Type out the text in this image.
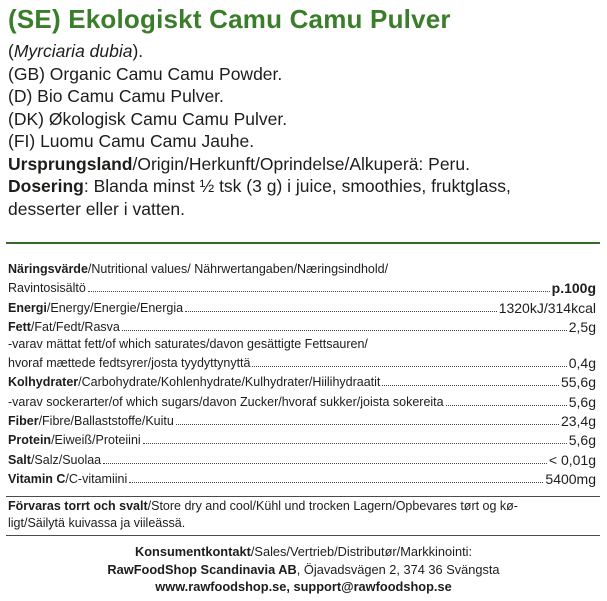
(SE) Ekologiskt Camu Camu Pulver
(Myrciaria dubia).
(GB) Organic Camu Camu Powder.
(D) Bio Camu Camu Pulver.
(DK) Økologisk Camu Camu Pulver.
(FI) Luomu Camu Camu Jauhe.
Ursprungsland/Origin/Herkunft/Oprindelse/Alkuperä: Peru.
Dosering: Blanda minst ½ tsk (3 g) i juice, smoothies, fruktglass,
desserter eller i vatten.
Näringsvärde/Nutritional values/ Nährwertangaben/Næringsindhold/
Ravintosisältö	p.100g
Energi/Energy/Energie/Energia	1320kJ/314kcal
Fett/Fat/Fedt/Rasva	2,5g
-varav mättat fett/of which saturates/davon gesättigte Fettsauren/
hvoraf mættede fedtsyrer/josta tyydyttynyttä	0,4g
Kolhydrater/Carbohydrate/Kohlenhydrate/Kulhydrater/Hiilihydraatit	55,6g
-varav sockerarter/of which sugars/davon Zucker/hvoraf sukker/joista sokereita	5,6g
Fiber/Fibre/Ballaststoffe/Kuitu	23,4g
Protein/Eiweiß/Proteiini	5,6g
Salt/Salz/Suolaa	< 0,01g
Vitamin C/C-vitamiini	5400mg
Förvaras torrt och svalt/Store dry and cool/Kühl und trocken Lagern/Opbevares tørt og kø-
ligt/Säilytä kuivassa ja viileässä.
Konsumentkontakt/Sales/Vertrieb/Distributør/Markkinointi:
RawFoodShop Scandinavia AB, Öjavadsvägen 2, 374 36 Svängsta
www.rawfoodshop.se, support@rawfoodshop.se
